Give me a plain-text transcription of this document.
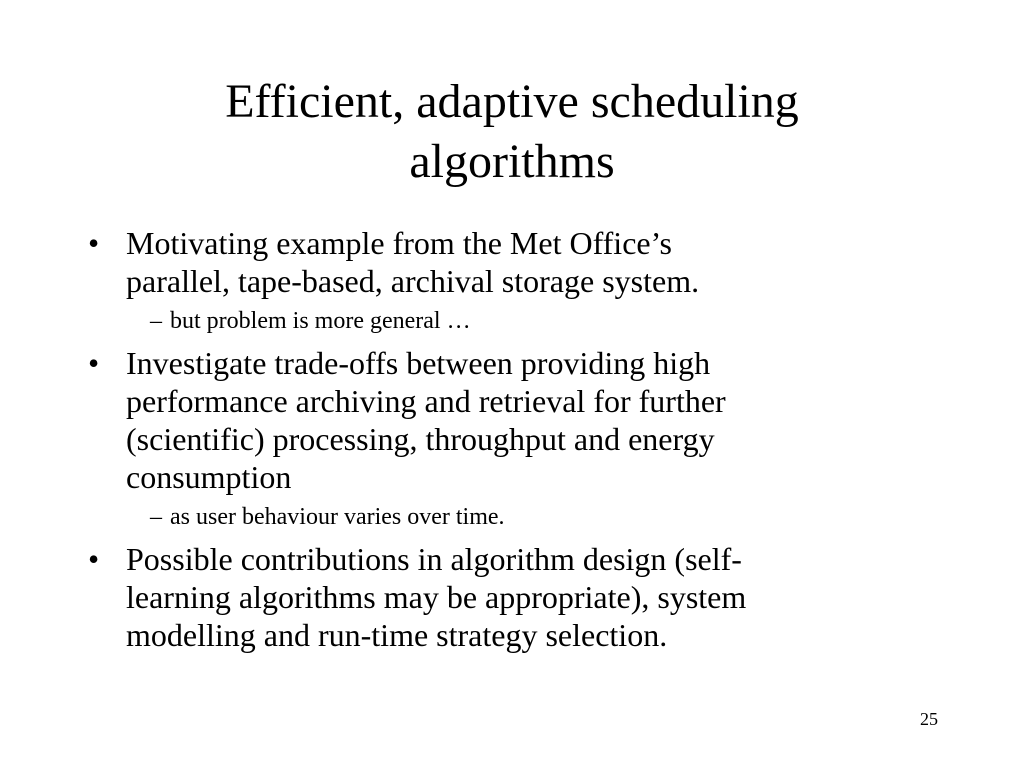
Efficient, adaptive scheduling
algorithms
• Motivating example from the Met Office’s
parallel, tape-based, archival storage system.
– but problem is more general …
• Investigate trade-offs between providing high
performance archiving and retrieval for further
(scientific) processing, throughput and energy
consumption
– as user behaviour varies over time.
• Possible contributions in algorithm design (self-
learning algorithms may be appropriate), system
modelling and run-time strategy selection.
25
